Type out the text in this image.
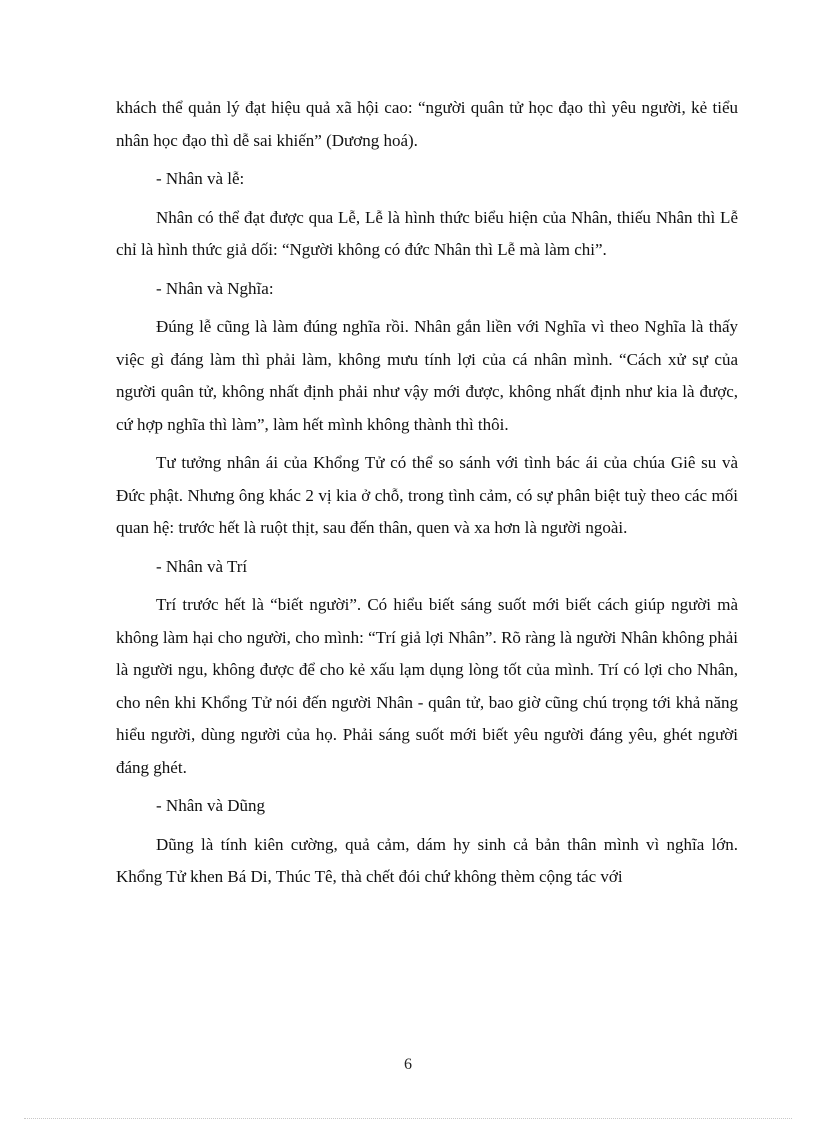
khách thể quản lý đạt hiệu quả xã hội cao: “người quân tử học đạo thì yêu người, kẻ tiểu nhân học đạo thì dễ sai khiến” (Dương hoá).

- Nhân và lễ:

Nhân có thể đạt được qua Lễ, Lễ là hình thức biểu hiện của Nhân, thiếu Nhân thì Lễ chỉ là hình thức giả dối: “Người không có đức Nhân thì Lễ mà làm chi”.

- Nhân và Nghĩa:

Đúng lễ cũng là làm đúng nghĩa rồi. Nhân gắn liền với Nghĩa vì theo Nghĩa là thấy việc gì đáng làm thì phải làm, không mưu tính lợi của cá nhân mình. “Cách xử sự của người quân tử, không nhất định phải như vậy mới được, không nhất định như kia là được, cứ hợp nghĩa thì làm”, làm hết mình không thành thì thôi.

Tư tưởng nhân ái của Khổng Tử có thể so sánh với tình bác ái của chúa Giê su và Đức phật. Nhưng ông khác 2 vị kia ở chỗ, trong tình cảm, có sự phân biệt tuỳ theo các mối quan hệ: trước hết là ruột thịt, sau đến thân, quen và xa hơn là người ngoài.

- Nhân và Trí

Trí trước hết là “biết người”. Có hiểu biết sáng suốt mới biết cách giúp người mà không làm hại cho người, cho mình: “Trí giả lợi Nhân”. Rõ ràng là người Nhân không phải là người ngu, không được để cho kẻ xấu lạm dụng lòng tốt của mình. Trí có lợi cho Nhân, cho nên khi Khổng Tử nói đến người Nhân - quân tử, bao giờ cũng chú trọng tới khả năng hiểu người, dùng người của họ. Phải sáng suốt mới biết yêu người đáng yêu, ghét người đáng ghét.

- Nhân và Dũng

Dũng là tính kiên cường, quả cảm, dám hy sinh cả bản thân mình vì nghĩa lớn. Khổng Tử khen Bá Di, Thúc Tê, thà chết đói chứ không thèm cộng tác với

6
